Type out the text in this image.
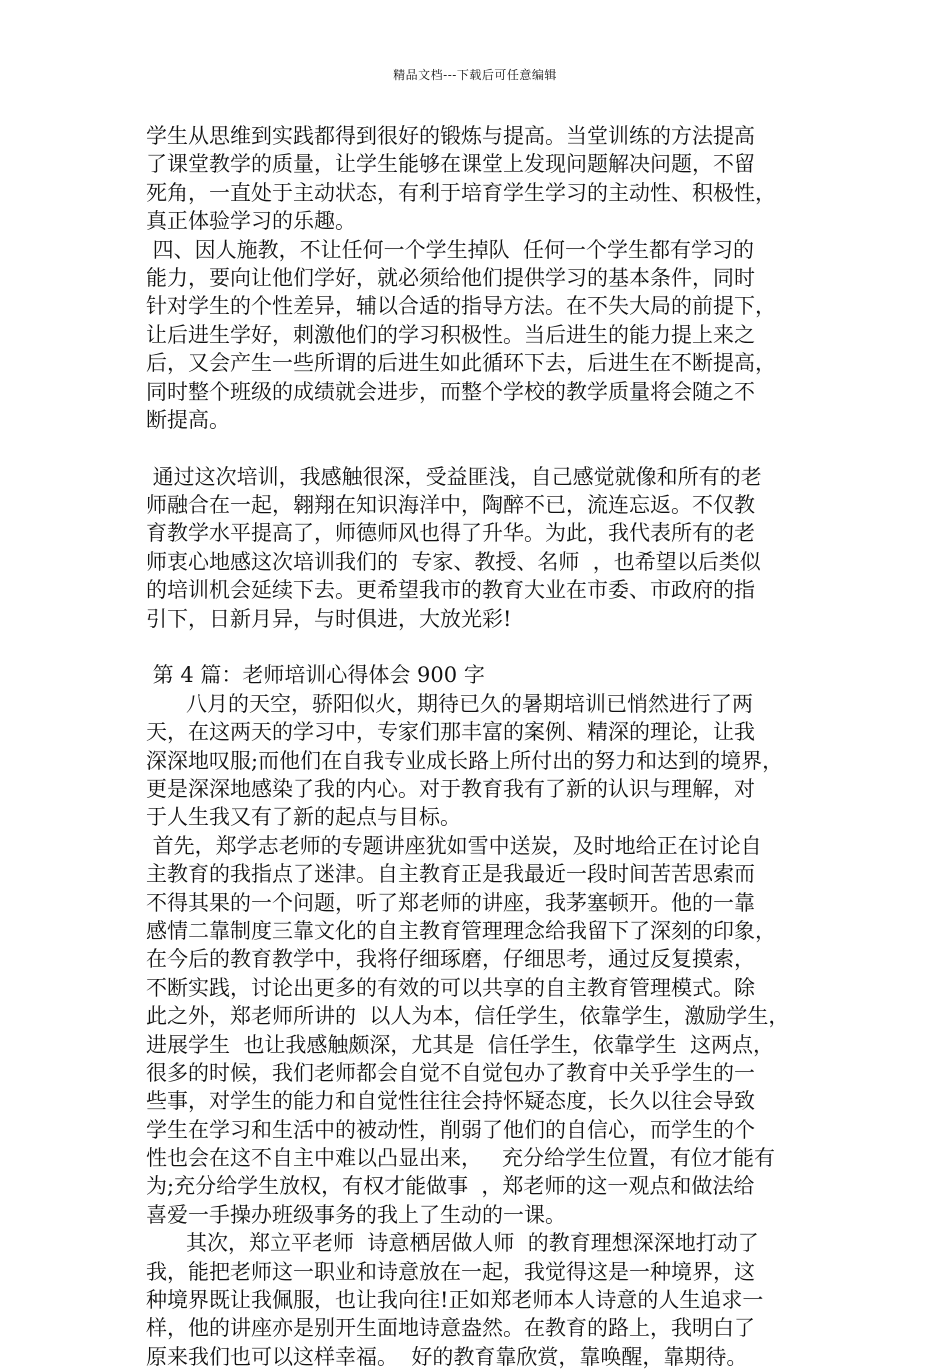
精品文档---下载后可任意编辑
学生从思维到实践都得到很好的锻炼与提高。当堂训练的方法提高
了课堂教学的质量，让学生能够在课堂上发现问题解决问题，不留
死角，一直处于主动状态，有利于培育学生学习的主动性、积极性，
真正体验学习的乐趣。
四、因人施教，不让任何一个学生掉队  任何一个学生都有学习的
能力，要向让他们学好，就必须给他们提供学习的基本条件，同时
针对学生的个性差异，辅以合适的指导方法。在不失大局的前提下，
让后进生学好，刺激他们的学习积极性。当后进生的能力提上来之
后，又会产生一些所谓的后进生如此循环下去，后进生在不断提高，
同时整个班级的成绩就会进步，而整个学校的教学质量将会随之不
断提高。
通过这次培训，我感触很深，受益匪浅，自己感觉就像和所有的老
师融合在一起，翱翔在知识海洋中，陶醉不已，流连忘返。不仅教
育教学水平提高了，师德师风也得了升华。为此，我代表所有的老
师衷心地感这次培训我们的  专家、教授、名师  ，也希望以后类似
的培训机会延续下去。更希望我市的教育大业在市委、市政府的指
引下，日新月异，与时俱进，大放光彩!
第 4 篇：老师培训心得体会 900 字
八月的天空，骄阳似火，期待已久的暑期培训已悄然进行了两
天，在这两天的学习中，专家们那丰富的案例、精深的理论，让我
深深地叹服;而他们在自我专业成长路上所付出的努力和达到的境界，
更是深深地感染了我的内心。对于教育我有了新的认识与理解，对
于人生我又有了新的起点与目标。
首先，郑学志老师的专题讲座犹如雪中送炭，及时地给正在讨论自
主教育的我指点了迷津。自主教育正是我最近一段时间苦苦思索而
不得其果的一个问题，听了郑老师的讲座，我茅塞顿开。他的一靠
感情二靠制度三靠文化的自主教育管理理念给我留下了深刻的印象，
在今后的教育教学中，我将仔细琢磨，仔细思考，通过反复摸索，
不断实践，讨论出更多的有效的可以共享的自主教育管理模式。除
此之外，郑老师所讲的  以人为本，信任学生，依靠学生，激励学生，
进展学生  也让我感触颇深，尤其是  信任学生，依靠学生  这两点，
很多的时候，我们老师都会自觉不自觉包办了教育中关乎学生的一
些事，对学生的能力和自觉性往往会持怀疑态度，长久以往会导致
学生在学习和生活中的被动性，削弱了他们的自信心，而学生的个
性也会在这不自主中难以凸显出来，   充分给学生位置，有位才能有
为;充分给学生放权，有权才能做事  ，郑老师的这一观点和做法给
喜爱一手操办班级事务的我上了生动的一课。
其次，郑立平老师  诗意栖居做人师  的教育理想深深地打动了
我，能把老师这一职业和诗意放在一起，我觉得这是一种境界，这
种境界既让我佩服，也让我向往!正如郑老师本人诗意的人生追求一
样，他的讲座亦是别开生面地诗意盎然。在教育的路上，我明白了
原来我们也可以这样幸福。  好的教育靠欣赏，靠唤醒，靠期待。
